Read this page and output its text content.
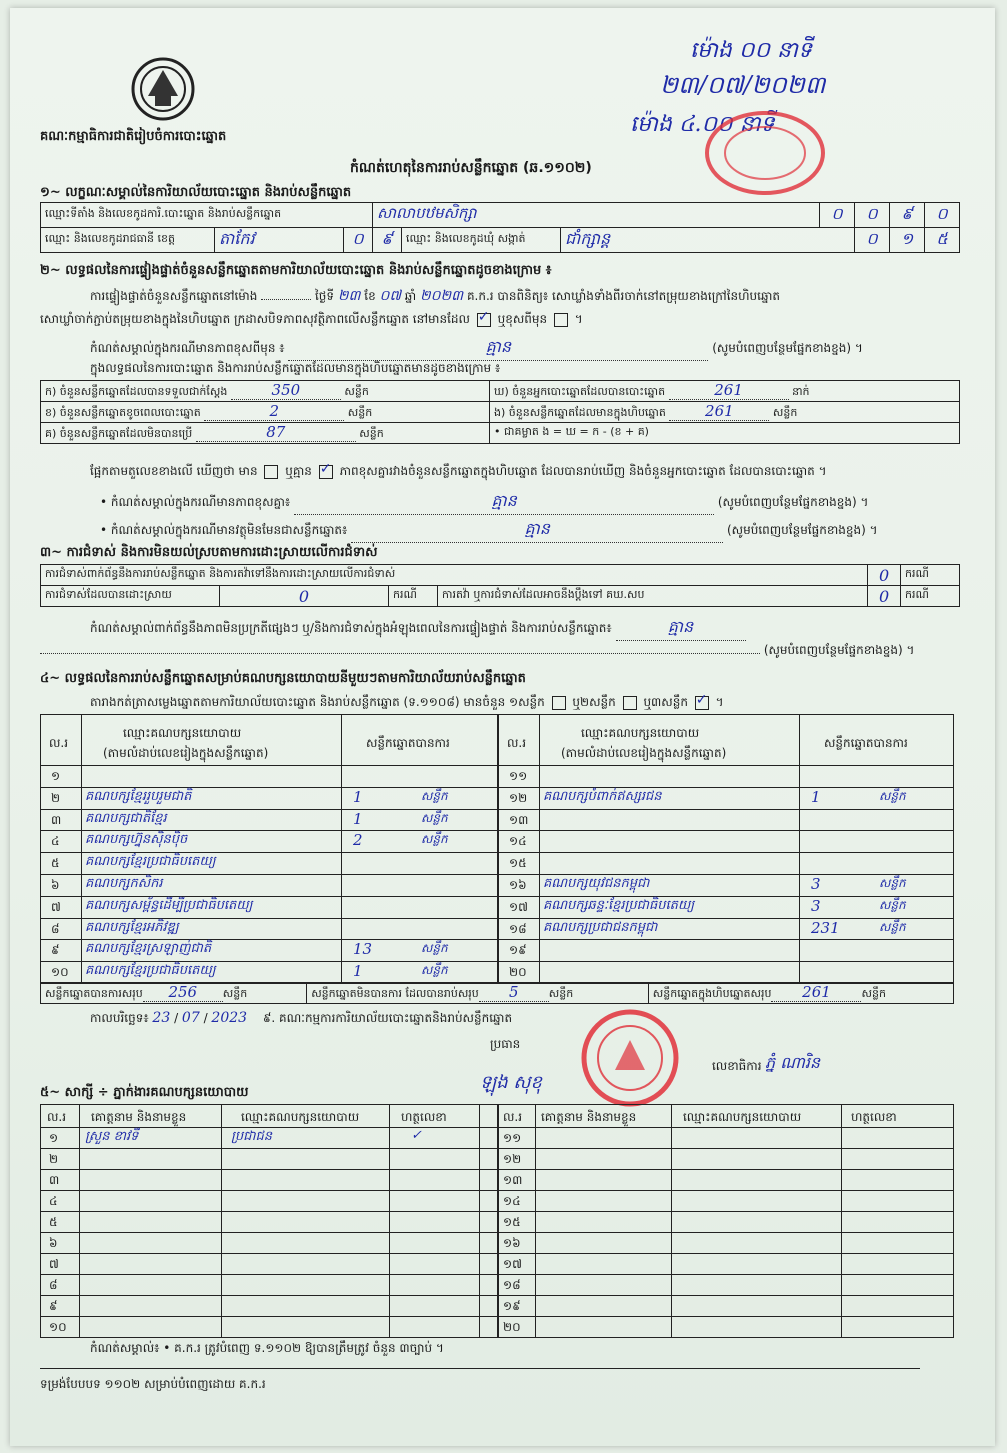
គណៈកម្មាធិការជាតិរៀបចំការបោះឆ្នោត
ម៉ោង ០០ នាទី
២៣/០៧/២០២៣
ម៉ោង ៤.០០ នាទី
កំណត់ហេតុនៃការរាប់សន្លឹកឆ្នោត (ឆ.១១០២)
១~ លក្ខណៈសម្គាល់នៃការិយាល័យបោះឆ្នោត និងរាប់សន្លឹកឆ្នោត
ឈ្មោះទីតាំង និងលេខកូដការិ.បោះឆ្នោត និងរាប់សន្លឹកឆ្នោត			សាលាបឋមសិក្សា			០	០	៩	០
ឈ្មោះ និងលេខកូដរាជធានី ខេត្ត	តាកែវ	០	៩	ឈ្មោះ និងលេខកូដឃុំ សង្កាត់	ជាំក្សាន្ត		០	១	៥
២~ លទ្ធផលនៃការផ្ទៀងផ្ទាត់ចំនួនសន្លឹកឆ្នោតតាមការិយាល័យបោះឆ្នោត និងរាប់សន្លឹកឆ្នោតដូចខាងក្រោម ៖
ការផ្ទៀងផ្ទាត់ចំនួនសន្លឹកឆ្នោតនៅម៉ោង	ថ្ងៃទី ២៣ ខែ ០៧ ឆ្នាំ ២០២៣ គ.ក.រ បានពិនិត្យ៖ សោឃ្លាំងទាំងពីរចាក់នៅតម្រុយខាងក្រៅនៃហិបឆ្នោត
សោឃ្លាំចាក់ភ្ជាប់តម្រុយខាងក្នុងនៃហិបឆ្នោត ក្រដាសបិទភាពសុវត្ថិភាពលើសន្លឹកឆ្នោត នៅមានដែល ✓ ឬខុសពីមុន  ។
កំណត់សម្គាល់ក្នុងករណីមានភាពខុសពីមុន ៖	គ្មាន	(សូមបំពេញបន្ថែមផ្នែកខាងខ្នង) ។
ក្នុងលទ្ធផលនៃការបោះឆ្នោត និងការរាប់សន្លឹកឆ្នោតដែលមានក្នុងហិបឆ្នោតមានដូចខាងក្រោម ៖
ក) ចំនួនសន្លឹកឆ្នោតដែលបានទទួលជាក់ស្តែង 350 សន្លឹក	ឃ) ចំនួនអ្នកបោះឆ្នោតដែលបានបោះឆ្នោត 261 នាក់
ខ) ចំនួនសន្លឹកឆ្នោតខូចពេលបោះឆ្នោត 2 សន្លឹក	ង) ចំនួនសន្លឹកឆ្នោតដែលមានក្នុងហិបឆ្នោត 261 សន្លឹក
គ) ចំនួនសន្លឹកឆ្នោតដែលមិនបានប្រើ 87 សន្លឹក	• ជាគម្លាត ង = ឃ = ក - (ខ + គ)
ផ្អែកតាមតួលេខខាងលើ ឃើញថា មាន ឬគ្មាន ✓ ភាពខុសគ្នារវាងចំនួនសន្លឹកឆ្នោតក្នុងហិបឆ្នោត ដែលបានរាប់ឃើញ និងចំនួនអ្នកបោះឆ្នោត ដែលបានបោះឆ្នោត ។
• កំណត់សម្គាល់ក្នុងករណីមានភាពខុសគ្នា៖	គ្មាន	(សូមបំពេញបន្ថែមផ្នែកខាងខ្នង) ។
• កំណត់សម្គាល់ក្នុងករណីមានវត្ថុមិនមែនជាសន្លឹកឆ្នោត៖	គ្មាន	(សូមបំពេញបន្ថែមផ្នែកខាងខ្នង) ។
៣~ ការជំទាស់ និងការមិនយល់ស្របតាមការដោះស្រាយលើការជំទាស់
ការជំទាស់ពាក់ព័ន្ធនឹងការរាប់សន្លឹកឆ្នោត និងការតវ៉ាទៅនឹងការដោះស្រាយលើការជំទាស់				0	ករណី
ការជំទាស់ដែលបានដោះស្រាយ	0	ករណី	ការតវ៉ា ឬការជំទាស់ដែលអាចនឹងប្តឹងទៅ គឃ.សប	0	ករណី
កំណត់សម្គាល់ពាក់ព័ន្ធនឹងភាពមិនប្រក្រតីផ្សេងៗ ឬ/និងការជំទាស់ក្នុងអំឡុងពេលនៃការផ្ទៀងផ្ទាត់ និងការរាប់សន្លឹកឆ្នោត៖	គ្មាន
(សូមបំពេញបន្ថែមផ្នែកខាងខ្នង) ។
៤~ លទ្ធផលនៃការរាប់សន្លឹកឆ្នោតសម្រាប់គណបក្សនយោបាយនីមួយៗតាមការិយាល័យរាប់សន្លឹកឆ្នោត
តារាងកត់ត្រាសម្លេងឆ្នោតតាមការិយាល័យបោះឆ្នោត និងរាប់សន្លឹកឆ្នោត (ទ.១១០៨) មានចំនួន ១សន្លឹក ឬ២សន្លឹក ឬ៣សន្លឹក ✓ ។
ល.រ
ឈ្មោះគណបក្សនយោបាយ
(តាមលំដាប់លេខរៀងក្នុងសន្លឹកឆ្នោត)
សន្លឹកឆ្នោតបានការ
១
២ គណបក្សខ្មែររួបរួមជាតិ	1	សន្លឹក
៣ គណបក្សជាតិខ្មែរ	1	សន្លឹក
៤ គណបក្សហ្វ៊ុនស៊ិនប៉ិច	2	សន្លឹក
៥ គណបក្សខ្មែរប្រជាធិបតេយ្យ
៦ គណបក្សកសិករ
៧ គណបក្សសម្ព័ន្ធដើម្បីប្រជាធិបតេយ្យ
៨ គណបក្សខ្មែរអភិវឌ្ឍ
៩ គណបក្សខ្មែរស្រឡាញ់ជាតិ	13	សន្លឹក
១០ គណបក្សខ្មែរប្រជាធិបតេយ្យ	1	សន្លឹក
ល.រ
ឈ្មោះគណបក្សនយោបាយ
(តាមលំដាប់លេខរៀងក្នុងសន្លឹកឆ្នោត)
សន្លឹកឆ្នោតបានការ
១១
១២ គណបក្សបំពាក់ឥស្សរជន	1	សន្លឹក
១៣
១៤
១៥
១៦ គណបក្សយុវជនកម្ពុជា	3	សន្លឹក
១៧ គណបក្សឆន្ទៈខ្មែរប្រជាធិបតេយ្យ	3	សន្លឹក
១៨ គណបក្សប្រជាជនកម្ពុជា	231	សន្លឹក
១៩
២០
សន្លឹកឆ្នោតបានការសរុប 256 សន្លឹក	សន្លឹកឆ្នោតមិនបានការ ដែលបានរាប់សរុប 5	សន្លឹក	សន្លឹកឆ្នោតក្នុងហិបឆ្នោតសរុប 261	សន្លឹក
កាលបរិច្ឆេទ៖ 23 / 07 / 2023 ៩. គណៈកម្មការការិយាល័យបោះឆ្នោតនិងរាប់សន្លឹកឆ្នោត
ប្រធាន
ឡុង សុខុ
លេខាធិការ ភ្នំ ណារិន
៥~ សាក្សី ÷ ភ្នាក់ងារគណបក្សនយោបាយ
ល.រ គោត្តនាម និងនាមខ្លួន	ឈ្មោះគណបក្សនយោបាយ	ហត្ថលេខា	ល.រ គោត្តនាម និងនាមខ្លួន	ឈ្មោះគណបក្សនយោបាយ	ហត្ថលេខា
១ ស្រួន ខាវទី	ប្រជាជន	✓	១១
២	១២
៣	១៣
៤	១៤
៥	១៥
៦	១៦
៧	១៧
៨	១៨
៩	១៩
១០	២០
កំណត់សម្គាល់៖ • គ.ក.រ ត្រូវបំពេញ ទ.១១០២ ឱ្យបានត្រឹមត្រូវ ចំនួន ៣ច្បាប់ ។
ទម្រង់បែបបទ ១១០២ សម្រាប់បំពេញដោយ គ.ក.រ
